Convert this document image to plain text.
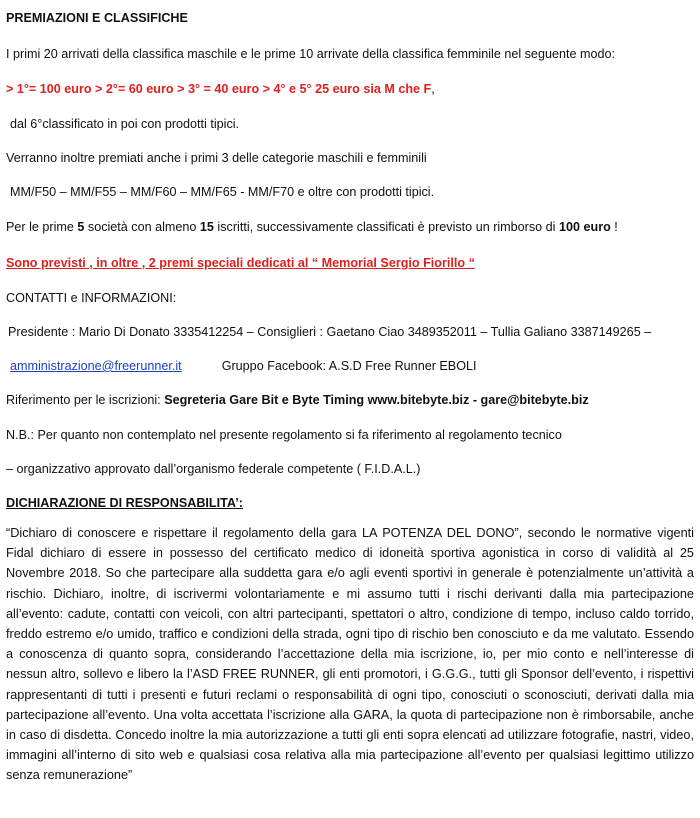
PREMIAZIONI E CLASSIFICHE
I primi 20 arrivati della classifica maschile e le prime 10 arrivate della classifica femminile nel seguente modo:
> 1°= 100 euro > 2°= 60 euro > 3° = 40 euro > 4° e 5° 25 euro sia M che F,
dal 6°classificato in poi con prodotti tipici.
Verranno inoltre premiati anche i primi 3 delle categorie maschili e femminili
MM/F50 – MM/F55 – MM/F60 – MM/F65 - MM/F70 e oltre con prodotti tipici.
Per le prime 5 società con almeno 15 iscritti, successivamente classificati è previsto un rimborso di 100 euro !
Sono previsti , in oltre , 2 premi speciali dedicati al “ Memorial Sergio Fiorillo “
CONTATTI e INFORMAZIONI:
Presidente : Mario Di Donato 3335412254 – Consiglieri : Gaetano Ciao 3489352011 – Tullia Galiano 3387149265 –
amministrazione@freerunner.it	Gruppo Facebook: A.S.D Free Runner EBOLI
Riferimento per le iscrizioni: Segreteria Gare Bit e Byte Timing www.bitebyte.biz - gare@bitebyte.biz
N.B.: Per quanto non contemplato nel presente regolamento si fa riferimento al regolamento tecnico
– organizzativo approvato dall’organismo federale competente ( F.I.D.A.L.)
DICHIARAZIONE DI RESPONSABILITA’:
“Dichiaro di conoscere e rispettare il regolamento della gara LA POTENZA DEL DONO”, secondo le normative vigenti Fidal dichiaro di essere in possesso del certificato medico di idoneità sportiva agonistica in corso di validità al 25 Novembre 2018. So che partecipare alla suddetta gara e/o agli eventi sportivi in generale è potenzialmente un’attività a rischio. Dichiaro, inoltre, di iscrivermi volontariamente e mi assumo tutti i rischi derivanti dalla mia partecipazione all’evento: cadute, contatti con veicoli, con altri partecipanti, spettatori o altro, condizione di tempo, incluso caldo torrido, freddo estremo e/o umido, traffico e condizioni della strada, ogni tipo di rischio ben conosciuto e da me valutato. Essendo a conoscenza di quanto sopra, considerando l’accettazione della mia iscrizione, io, per mio conto e nell’interesse di nessun altro, sollevo e libero la l’ASD FREE RUNNER, gli enti promotori, i G.G.G., tutti gli Sponsor dell’evento, i rispettivi rappresentanti di tutti i presenti e futuri reclami o responsabilità di ogni tipo, conosciuti o sconosciuti, derivati dalla mia partecipazione all’evento. Una volta accettata l’iscrizione alla GARA, la quota di partecipazione non è rimborsabile, anche in caso di disdetta. Concedo inoltre la mia autorizzazione a tutti gli enti sopra elencati ad utilizzare fotografie, nastri, video, immagini all’interno di sito web e qualsiasi cosa relativa alla mia partecipazione all’evento per qualsiasi legittimo utilizzo senza remunerazione”
